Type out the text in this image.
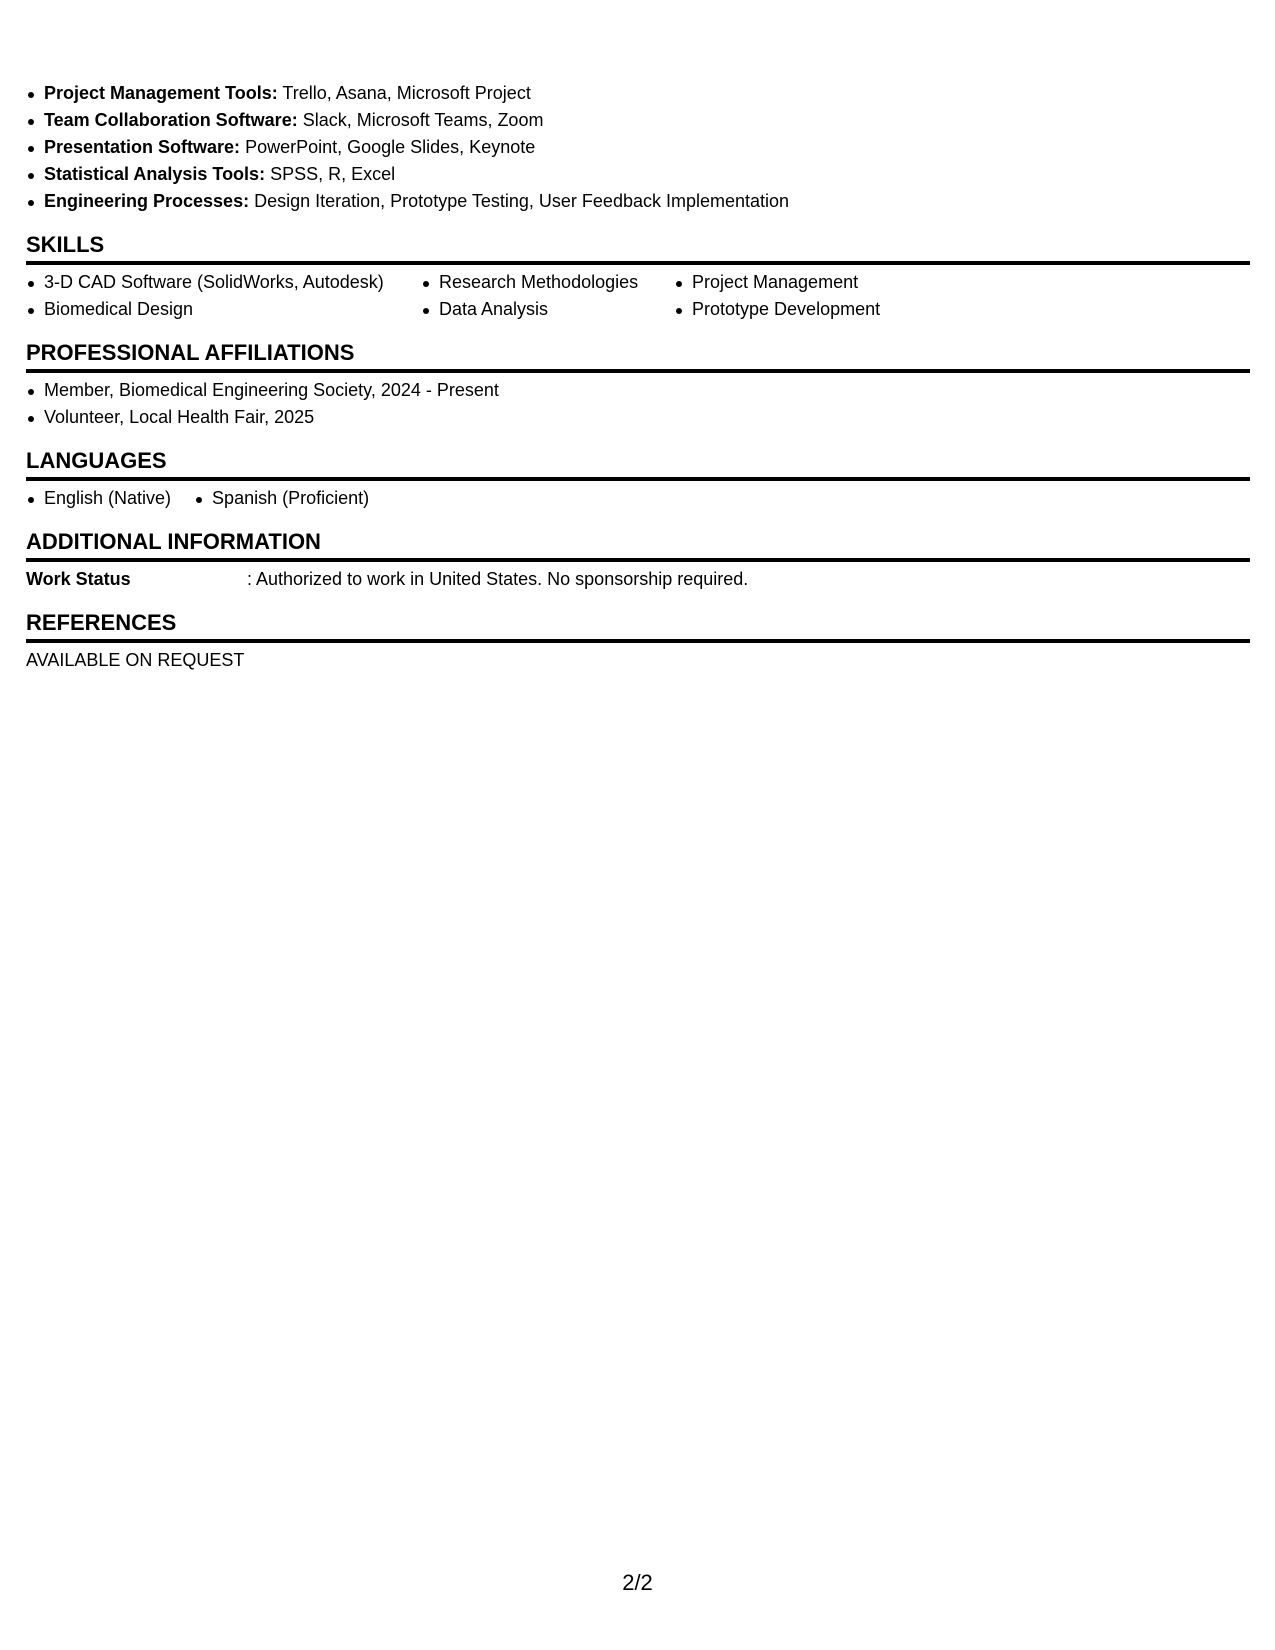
Project Management Tools: Trello, Asana, Microsoft Project
Team Collaboration Software: Slack, Microsoft Teams, Zoom
Presentation Software: PowerPoint, Google Slides, Keynote
Statistical Analysis Tools: SPSS, R, Excel
Engineering Processes: Design Iteration, Prototype Testing, User Feedback Implementation
SKILLS
3-D CAD Software (SolidWorks, Autodesk)
Biomedical Design
Research Methodologies
Data Analysis
Project Management
Prototype Development
PROFESSIONAL AFFILIATIONS
Member, Biomedical Engineering Society, 2024 - Present
Volunteer, Local Health Fair, 2025
LANGUAGES
English (Native)	Spanish (Proficient)
ADDITIONAL INFORMATION
Work Status	: Authorized to work in United States. No sponsorship required.
REFERENCES
AVAILABLE ON REQUEST
2/2
